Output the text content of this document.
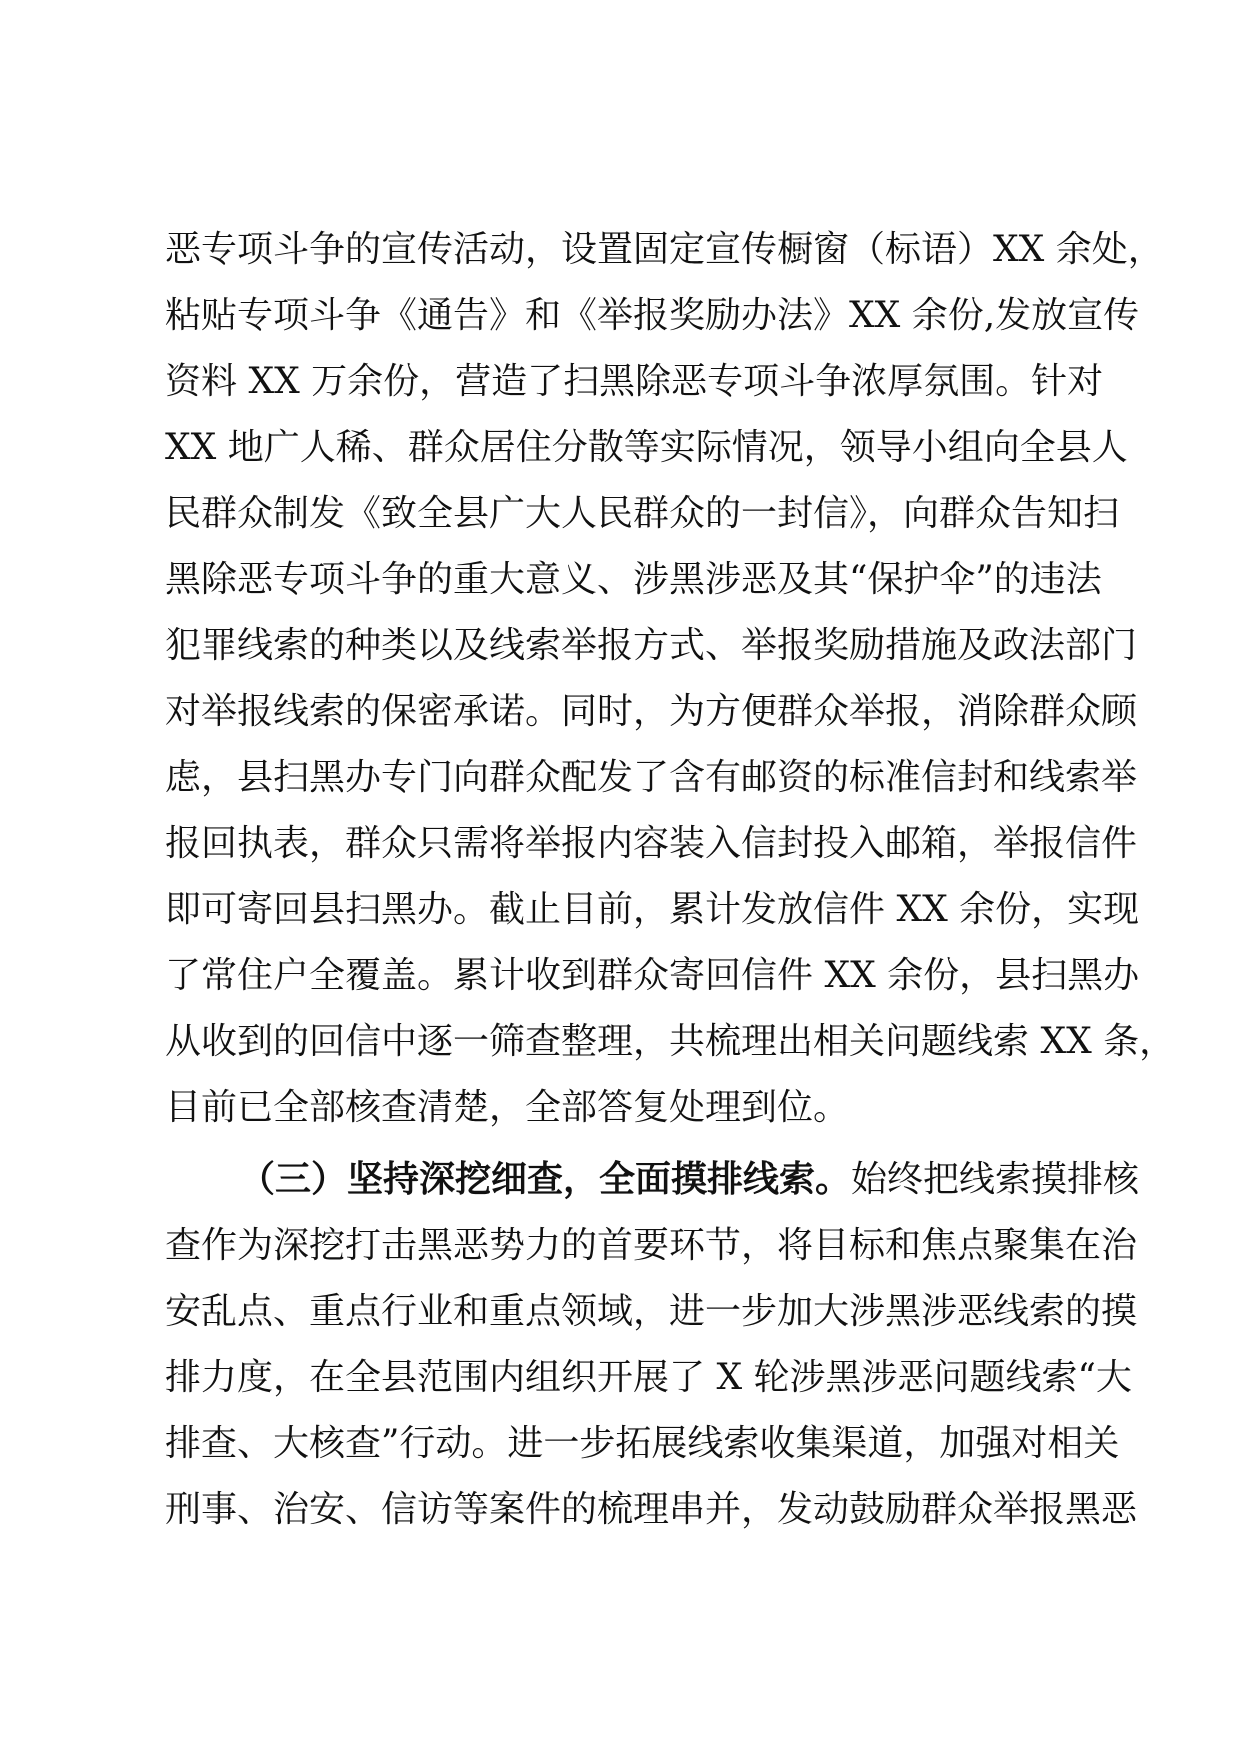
恶专项斗争的宣传活动，设置固定宣传橱窗（标语）XX 余处，
粘贴专项斗争《通告》和《举报奖励办法》XX 余份,发放宣传
资料 XX 万余份，营造了扫黑除恶专项斗争浓厚氛围。针对
XX 地广人稀、群众居住分散等实际情况，领导小组向全县人
民群众制发《致全县广大人民群众的一封信》，向群众告知扫
黑除恶专项斗争的重大意义、涉黑涉恶及其“保护伞”的违法
犯罪线索的种类以及线索举报方式、举报奖励措施及政法部门
对举报线索的保密承诺。同时，为方便群众举报，消除群众顾
虑，县扫黑办专门向群众配发了含有邮资的标准信封和线索举
报回执表，群众只需将举报内容装入信封投入邮箱，举报信件
即可寄回县扫黑办。截止目前，累计发放信件 XX 余份，实现
了常住户全覆盖。累计收到群众寄回信件 XX 余份，县扫黑办
从收到的回信中逐一筛查整理，共梳理出相关问题线索 XX 条，
目前已全部核查清楚，全部答复处理到位。
（三）坚持深挖细查，全面摸排线索。始终把线索摸排核
查作为深挖打击黑恶势力的首要环节，将目标和焦点聚集在治
安乱点、重点行业和重点领域，进一步加大涉黑涉恶线索的摸
排力度，在全县范围内组织开展了 X 轮涉黑涉恶问题线索“大
排查、大核查”行动。进一步拓展线索收集渠道，加强对相关
刑事、治安、信访等案件的梳理串并，发动鼓励群众举报黑恶
